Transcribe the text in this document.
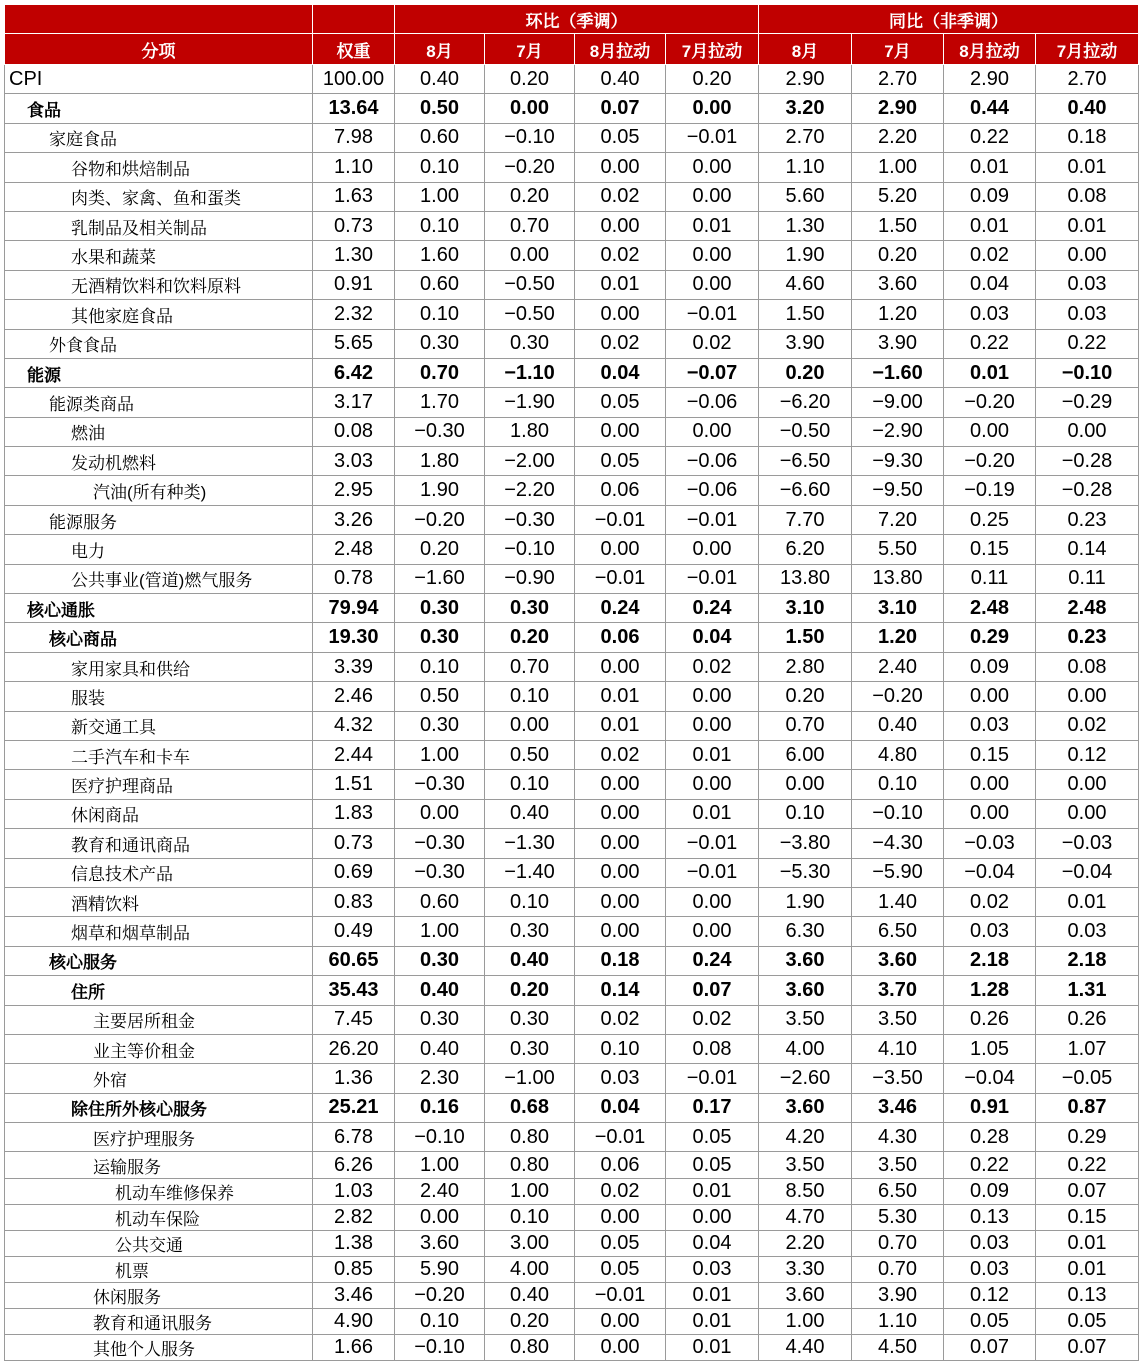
		环比（季调）				同比（非季调）			
分项	权重	8月	7月	8月拉动	7月拉动	8月	7月	8月拉动	7月拉动
CPI	100.00	0.40	0.20	0.40	0.20	2.90	2.70	2.90	2.70
食品	13.64	0.50	0.00	0.07	0.00	3.20	2.90	0.44	0.40
家庭食品	7.98	0.60	−0.10	0.05	−0.01	2.70	2.20	0.22	0.18
谷物和烘焙制品	1.10	0.10	−0.20	0.00	0.00	1.10	1.00	0.01	0.01
肉类、家禽、鱼和蛋类	1.63	1.00	0.20	0.02	0.00	5.60	5.20	0.09	0.08
乳制品及相关制品	0.73	0.10	0.70	0.00	0.01	1.30	1.50	0.01	0.01
水果和蔬菜	1.30	1.60	0.00	0.02	0.00	1.90	0.20	0.02	0.00
无酒精饮料和饮料原料	0.91	0.60	−0.50	0.01	0.00	4.60	3.60	0.04	0.03
其他家庭食品	2.32	0.10	−0.50	0.00	−0.01	1.50	1.20	0.03	0.03
外食食品	5.65	0.30	0.30	0.02	0.02	3.90	3.90	0.22	0.22
能源	6.42	0.70	−1.10	0.04	−0.07	0.20	−1.60	0.01	−0.10
能源类商品	3.17	1.70	−1.90	0.05	−0.06	−6.20	−9.00	−0.20	−0.29
燃油	0.08	−0.30	1.80	0.00	0.00	−0.50	−2.90	0.00	0.00
发动机燃料	3.03	1.80	−2.00	0.05	−0.06	−6.50	−9.30	−0.20	−0.28
汽油(所有种类)	2.95	1.90	−2.20	0.06	−0.06	−6.60	−9.50	−0.19	−0.28
能源服务	3.26	−0.20	−0.30	−0.01	−0.01	7.70	7.20	0.25	0.23
电力	2.48	0.20	−0.10	0.00	0.00	6.20	5.50	0.15	0.14
公共事业(管道)燃气服务	0.78	−1.60	−0.90	−0.01	−0.01	13.80	13.80	0.11	0.11
核心通胀	79.94	0.30	0.30	0.24	0.24	3.10	3.10	2.48	2.48
核心商品	19.30	0.30	0.20	0.06	0.04	1.50	1.20	0.29	0.23
家用家具和供给	3.39	0.10	0.70	0.00	0.02	2.80	2.40	0.09	0.08
服装	2.46	0.50	0.10	0.01	0.00	0.20	−0.20	0.00	0.00
新交通工具	4.32	0.30	0.00	0.01	0.00	0.70	0.40	0.03	0.02
二手汽车和卡车	2.44	1.00	0.50	0.02	0.01	6.00	4.80	0.15	0.12
医疗护理商品	1.51	−0.30	0.10	0.00	0.00	0.00	0.10	0.00	0.00
休闲商品	1.83	0.00	0.40	0.00	0.01	0.10	−0.10	0.00	0.00
教育和通讯商品	0.73	−0.30	−1.30	0.00	−0.01	−3.80	−4.30	−0.03	−0.03
信息技术产品	0.69	−0.30	−1.40	0.00	−0.01	−5.30	−5.90	−0.04	−0.04
酒精饮料	0.83	0.60	0.10	0.00	0.00	1.90	1.40	0.02	0.01
烟草和烟草制品	0.49	1.00	0.30	0.00	0.00	6.30	6.50	0.03	0.03
核心服务	60.65	0.30	0.40	0.18	0.24	3.60	3.60	2.18	2.18
住所	35.43	0.40	0.20	0.14	0.07	3.60	3.70	1.28	1.31
主要居所租金	7.45	0.30	0.30	0.02	0.02	3.50	3.50	0.26	0.26
业主等价租金	26.20	0.40	0.30	0.10	0.08	4.00	4.10	1.05	1.07
外宿	1.36	2.30	−1.00	0.03	−0.01	−2.60	−3.50	−0.04	−0.05
除住所外核心服务	25.21	0.16	0.68	0.04	0.17	3.60	3.46	0.91	0.87
医疗护理服务	6.78	−0.10	0.80	−0.01	0.05	4.20	4.30	0.28	0.29
运输服务	6.26	1.00	0.80	0.06	0.05	3.50	3.50	0.22	0.22
机动车维修保养	1.03	2.40	1.00	0.02	0.01	8.50	6.50	0.09	0.07
机动车保险	2.82	0.00	0.10	0.00	0.00	4.70	5.30	0.13	0.15
公共交通	1.38	3.60	3.00	0.05	0.04	2.20	0.70	0.03	0.01
机票	0.85	5.90	4.00	0.05	0.03	3.30	0.70	0.03	0.01
休闲服务	3.46	−0.20	0.40	−0.01	0.01	3.60	3.90	0.12	0.13
教育和通讯服务	4.90	0.10	0.20	0.00	0.01	1.00	1.10	0.05	0.05
其他个人服务	1.66	−0.10	0.80	0.00	0.01	4.40	4.50	0.07	0.07
